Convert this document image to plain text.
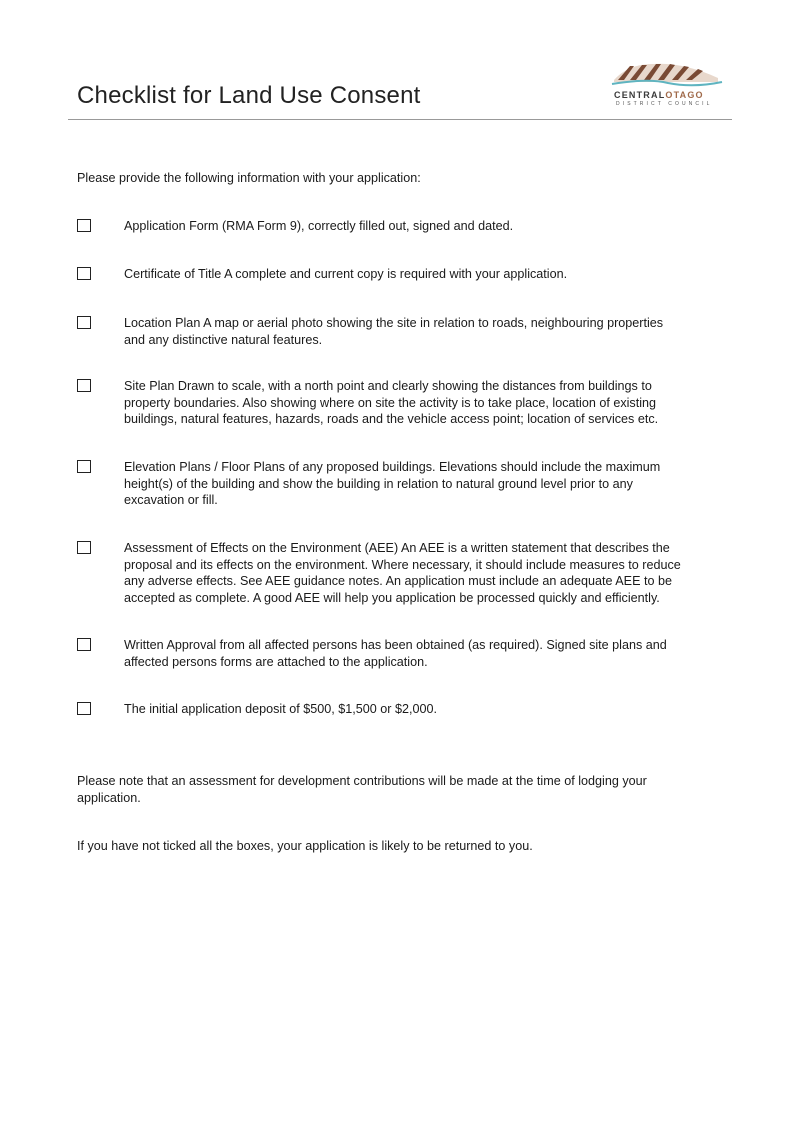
Checklist for Land Use Consent	CENTRALOTAGO
DISTRICT COUNCIL
Please provide the following information with your application:
Application Form (RMA Form 9), correctly filled out, signed and dated.
Certificate of Title A complete and current copy is required with your application.
Location Plan A map or aerial photo showing the site in relation to roads, neighbouring properties
and any distinctive natural features.
Site Plan Drawn to scale, with a north point and clearly showing the distances from buildings to
property boundaries. Also showing where on site the activity is to take place, location of existing
buildings, natural features, hazards, roads and the vehicle access point; location of services etc.
Elevation Plans / Floor Plans of any proposed buildings. Elevations should include the maximum
height(s) of the building and show the building in relation to natural ground level prior to any
excavation or fill.
Assessment of Effects on the Environment (AEE) An AEE is a written statement that describes the
proposal and its effects on the environment. Where necessary, it should include measures to reduce
any adverse effects. See AEE guidance notes. An application must include an adequate AEE to be
accepted as complete. A good AEE will help you application be processed quickly and efficiently.
Written Approval from all affected persons has been obtained (as required). Signed site plans and
affected persons forms are attached to the application.
The initial application deposit of $500, $1,500 or $2,000.
Please note that an assessment for development contributions will be made at the time of lodging your
application.
If you have not ticked all the boxes, your application is likely to be returned to you.
